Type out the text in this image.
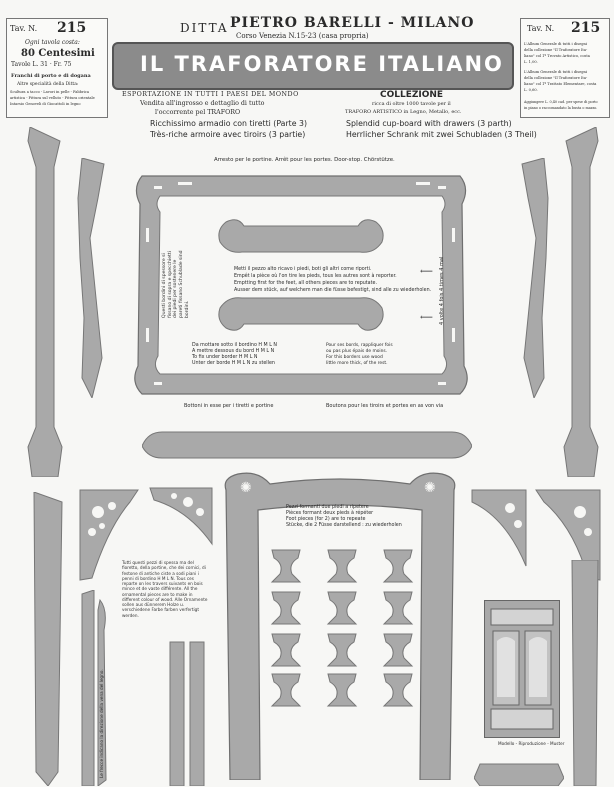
Tav. N. 215
Ogni tavola costa:
80 Centesimi
Tavole L. 31 · Fr. 75
Franchi di porto e di dogana
Altre specialità della Ditta:
Scultura a tacco - Lavori in pelle - Fabbrica
artistica - Pittura sul velluto - Pittura orientale
Intarsio Genoveli di Giocattoli in legno
Tav. N. 215
L'Album Generale di tutti i disegni
della collezione "Il Traforatore Ita-
liano" col 1º Trovato Artistico, costa
L. 1,00.
L'Album Generale di tutti i disegni
della collezione "Il Traforatore Ita-
liano" col 1º Trattato Elementare, costa
L. 0,60.
Aggiungere L. 0,40 cad. per spese di porto
in piano o raccomandato la busta o mazzo.
DITTA PIETRO BARELLI - MILANO
Corso Venezia N.15-23 (casa propria)
IL TRAFORATORE ITALIANO
ESPORTAZIONE IN TUTTI I PAESI DEL MONDO
Vendita all'ingrosso e dettaglio di tutto
l'occorrente pel TRAFORO
COLLEZIONE
ricca di oltre 1000 tavole per il
TRAFORO ARTISTICO in Legno, Metallo, ecc.
Ricchissimo armadio con tiretti (Parte 3)
Très-riche armoire avec tiroirs (3 partie)
Splendid cup-board with drawers (3 parth)
Herrlicher Schrank mit zwei Schubladen (3 Theil)
Arresto per le portine. Arrêt pour les portes. Door-stop. Chörstütze.
Questi bordini di spessore si fissano di sopra e specchietti dei piedi per sostenere le pareti fissano Schublade sind bordini.
Metti il pezzo alto ricavo i piedi, boti gli altri come riporti.
Empêt la pièce où l'on tire les pieds, tous les autres sont à reporter.
Emptting first for the feet, all others pieces are to reputate.
Ausser dem stück, auf welchem man die füsse befestigt, sind alle zu wiederholen.
Da mottare sotto il bordino H M L N
A mettre dessous du bord H M L N
To fix under border H M L N
Unter der borde H M L N zu stellen
Pour ses bords, rappliquer fois
ou pas plus épais de moins.
For this borders use wood
little more thick, of the rest.
4 volte 4 fois 4 times 4 mal
⟵
⟵
Bottoni in esse per i tiretti e portine	Boutons pour les tiroirs et portes en as von via
✺	✺
Pezzi formanti due piedi a ripetere
Pièces formant deux pieds à répéter
Foot pieces (for 2) are to repeate
Stücke, die 2 Füsse darstellend : zu wiederholen
Tutti questi pezzi di spessa ma del fioretto, della portine, che dei cornici, di festone di antiche ciste a sodi piani i penni di bordino H M L N. Tous ces reparte on les travers suivants en bois mince et de vaste différente. All the ornamental pieces are to make in different colour of wood. Alle Ornamente sollen aus dünnerem Holze u. verschiedene Farbe farben verfertigt werden.
Le frecce indicano la direzione della vena del legno.	Modello - Riproduzione - Muster
